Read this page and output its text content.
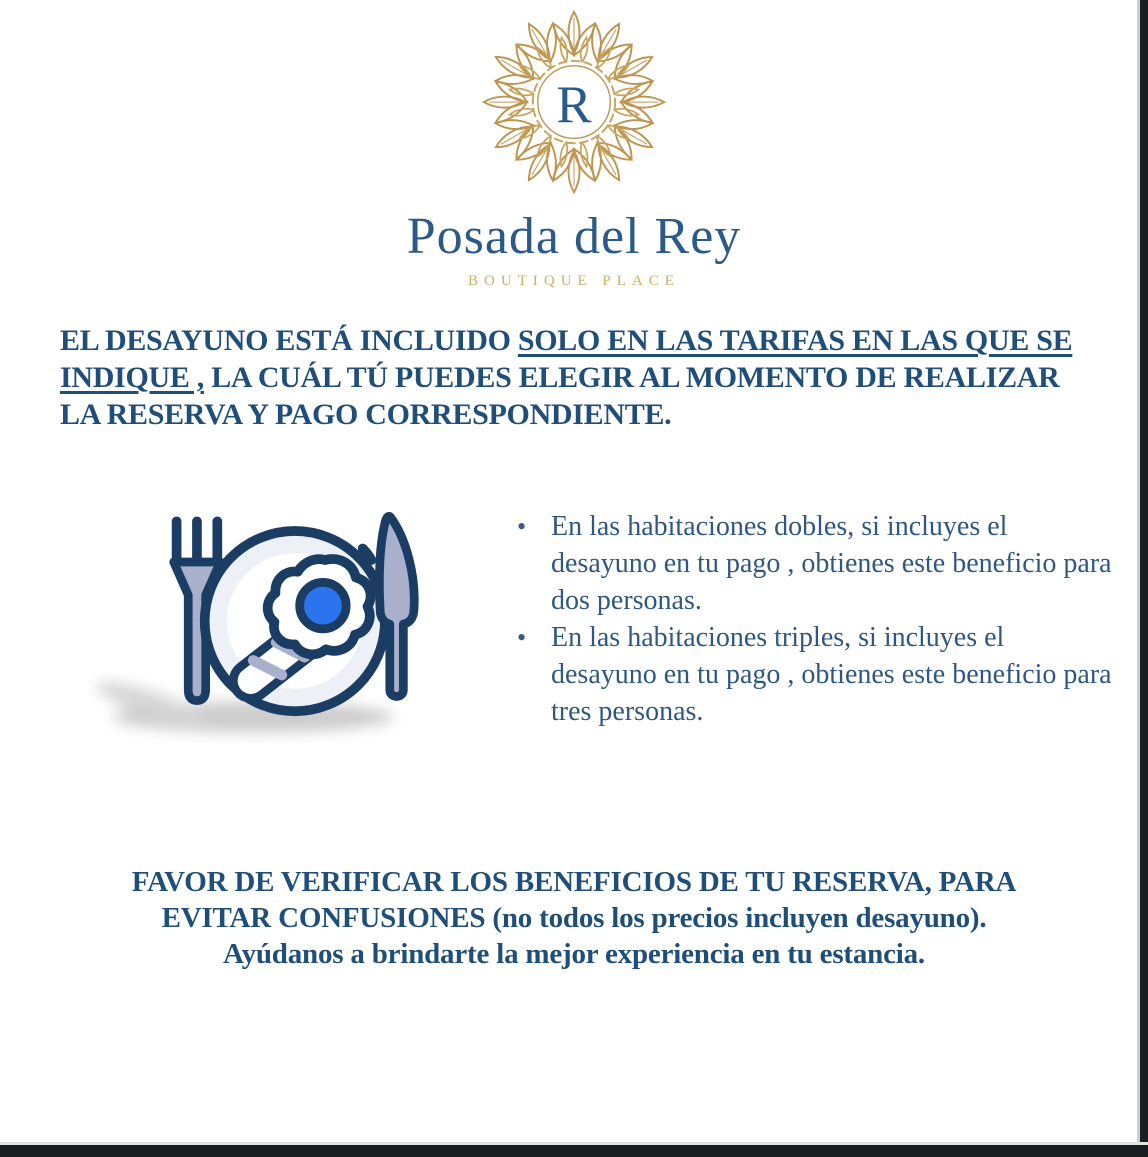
R
Posada del Rey
BOUTIQUE PLACE
EL DESAYUNO ESTÁ INCLUIDO SOLO EN LAS TARIFAS EN LAS QUE SE
INDIQUE , LA CUÁL TÚ PUEDES ELEGIR AL MOMENTO DE REALIZAR
LA RESERVA Y PAGO CORRESPONDIENTE.
• En las habitaciones dobles, si incluyes el desayuno en tu pago , obtienes este beneficio para dos personas.
• En las habitaciones triples, si incluyes el desayuno en tu pago , obtienes este beneficio para tres personas.
FAVOR DE VERIFICAR LOS BENEFICIOS DE TU RESERVA, PARA
EVITAR CONFUSIONES (no todos los precios incluyen desayuno).
Ayúdanos a brindarte la mejor experiencia en tu estancia.
